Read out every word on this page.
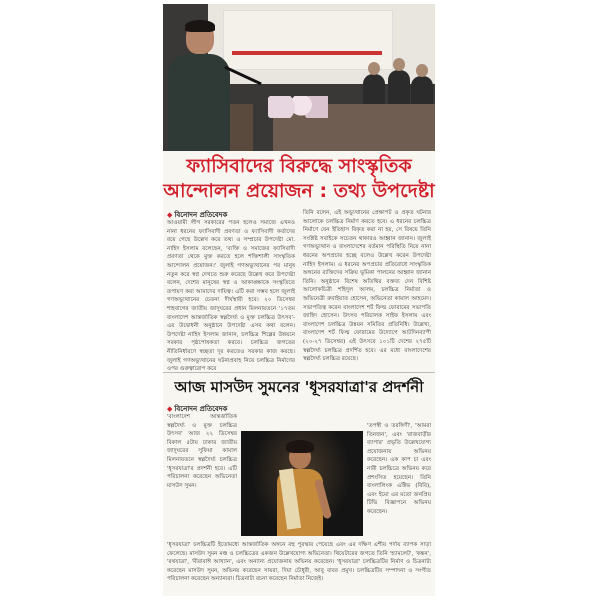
ফ্যাসিবাদের বিরুদ্ধে সাংস্কৃতিক আন্দোলন প্রয়োজন : তথ্য উপদেষ্টা
◆ বিনোদন প্রতিবেদক
আওয়ামী লীগ সরকারের পতন হলেও সমাজে এখনও নানা ধরনের ফ্যাসিবাদী প্রবণতা ও ফ্যাসিবাদী কর্তাদের রয়ে গেছে উল্লেখ করে তথ্য ও সম্প্রচার উপদেষ্টা মো. নাহিদ ইসলাম বলেছেন, 'ব্যক্তি ও সমাজের ফ্যাসিবাদী প্রবণতা থেকে মুক্ত করতে হলে শক্তিশালী সাংস্কৃতিক আন্দোলন প্রয়োজন।' জুলাই গণঅভ্যুত্থানের পর মানুষ নতুন করে স্বপ্ন দেখতে শুরু করেছে উল্লেখ করে উপদেষ্টা বলেন, দেশের মানুষের স্বপ্ন ও আকাঙ্ক্ষাকে সংস্কৃতিতে রূপায়ণ করা আমাদের দায়িত্ব। এটি করা সম্ভব হলে জুলাই গণঅভ্যুত্থানের চেতনা দীর্ঘস্থায়ী হবে। ২০ ডিসেম্বর শাহবাগের জাতীয় জাদুঘরের প্রধান মিলনায়তনে '১৭তম বাংলাদেশ আন্তর্জাতিক স্বল্পদৈর্ঘ্য ও মুক্ত চলচ্চিত্র উৎসব'-এর উদ্বোধনী অনুষ্ঠানে উপদেষ্টা এসব কথা বলেন। উপদেষ্টা নাহিদ ইসলাম জানান, চলচ্চিত্র শিল্পের উন্নয়নে সরকার পৃষ্ঠপোষকতা করবে। চলচ্চিত্র জগতের নীতিনির্ধারণে স্বচ্ছতা দূর করতেও সরকার কাজ করছে। জুলাই গণঅভ্যুত্থানের ঘটনাপ্রবাহ নিয়ে চলচ্চিত্র নির্মাণের ওপর গুরুত্বারোপ করে
তিনি বলেন, এই অভ্যুত্থানের প্রেক্ষাপট ও প্রকৃত ঘটনার আলোকে চলচ্চিত্র নির্মাণ করতে হবে। এ ধরনের চলচ্চিত্র নির্মাণে যেন ইতিহাস বিকৃত করা না হয়, সে বিষয়ে তিনি সংশ্লিষ্ট সবাইকে সচেতন থাকারও আহ্বান জানান। জুলাই গণঅভ্যুত্থান ও বাংলাদেশের বর্তমান পরিস্থিতি নিয়ে নানা ধরনের অপপ্রচার হচ্ছে বলেও উল্লেখ করেন উপদেষ্টা নাহিদ ইসলাম। এ ধরনের অপপ্রচার প্রতিরোধে সাংস্কৃতিক অঙ্গনের ব্যক্তিদের সক্রিয় ভূমিকা পালনের আহ্বান জানান তিনি। অনুষ্ঠানে বিশেষ অতিথির বক্তব্য দেন বিশিষ্ট আলোকচিত্রী শহিদুল আলম, চলচ্চিত্র নির্মাতা ও অভিনেত্রী রুবাইয়াত হোসেন, অভিনেতা কামাল আহমেদ। সভাপতিত্ব করেন বাংলাদেশ শর্ট ফিল্ম ফোরামের সভাপতি জাহিদ হোসেন। উৎসব পরিচালক সাইফ ইসলাম এবং বাংলাদেশ চলচ্চিত্র উন্নয়ন সমিতির প্রতিনিধি। উল্লেখ্য, বাংলাদেশ শর্ট ফিল্ম ফোরামের উদ্যোগে আটদিনব্যাপী (২০-২৭ ডিসেম্বর) এই উৎসবে ১০১টি দেশের ২৭৫টি স্বল্পদৈর্ঘ্য চলচ্চিত্র প্রদর্শিত হবে। এর মধ্যে বাংলাদেশের স্বল্পদৈর্ঘ্য চলচ্চিত্র রয়েছে।
আজ মাসউদ সুমনের 'ধূসরযাত্রা'র প্রদর্শনী
◆ বিনোদন প্রতিবেদক
'বাংলাদেশ আন্তর্জাতিক স্বল্পদৈর্ঘ্য ও মুক্ত চলচ্চিত্র উৎসব' আজ ২২ ডিসেম্বর বিকাল ৫টায় ঢাকার জাতীয় জাদুঘরের সুফিয়া কামাল মিলনায়তনে স্বল্পদৈর্ঘ্য চলচ্চিত্র 'ধূসরযাত্রা'র প্রদর্শনী হবে। এটি পরিচালনা করেছেন অভিনেতা মাসউদ সুমন।
'তপস্বী ও তরঙ্গিণী', 'আমরা তিনজন', এবং 'রাজবাড়ীর ব্যাপার' প্রভৃতি উল্লেখযোগ্য প্রযোজনায় অভিনয় করেছেন। এক কাপ চা এবং নারী চলচ্চিত্রে অভিনয় করে প্রশংসিত হয়েছেন। তিনি বাংলালিংক এক্টিভ (বিবি), এবং ইমো এর মতো জনপ্রিয় টিভি বিজ্ঞাপনে অভিনয় করেছেন।
'ধূসরযাত্রা' চলচ্চিত্রটি ইতোমধ্যে আন্তর্জাতিক অঙ্গনে বহু পুরস্কার পেয়েছে এবং এর দক্ষিণ এশীয় পর্দায় ব্যাপক সাড়া ফেলেছে। মাসউদ সুমন মঞ্চ ও চলচ্চিত্রের একজন উল্লেখযোগ্য অভিনেতা। থিয়েটারের জগতে তিনি 'হ্যামলেট', 'কঙ্কন', 'রথযাত্রা', 'মীরাবাঈ আখ্যান', এবং অন্যান্য প্রযোজনায় অভিনয় করেছেন। 'ধূসরযাত্রা' চলচ্চিত্রটির নির্মাণ ও চিত্রনাট্য করেছেন মাসউদ সুমন, অভিনয় করেছেন সায়রা, দিয়া চৌধুরী, আবু বাবর প্রমুখ। চলচ্চিত্রটির সম্পাদনা ও সংগীত পরিচালনা করেছেন অন্যান্যরা। চিত্রনাট্য রচনা করেছেন নির্মাতা নিজেই।
